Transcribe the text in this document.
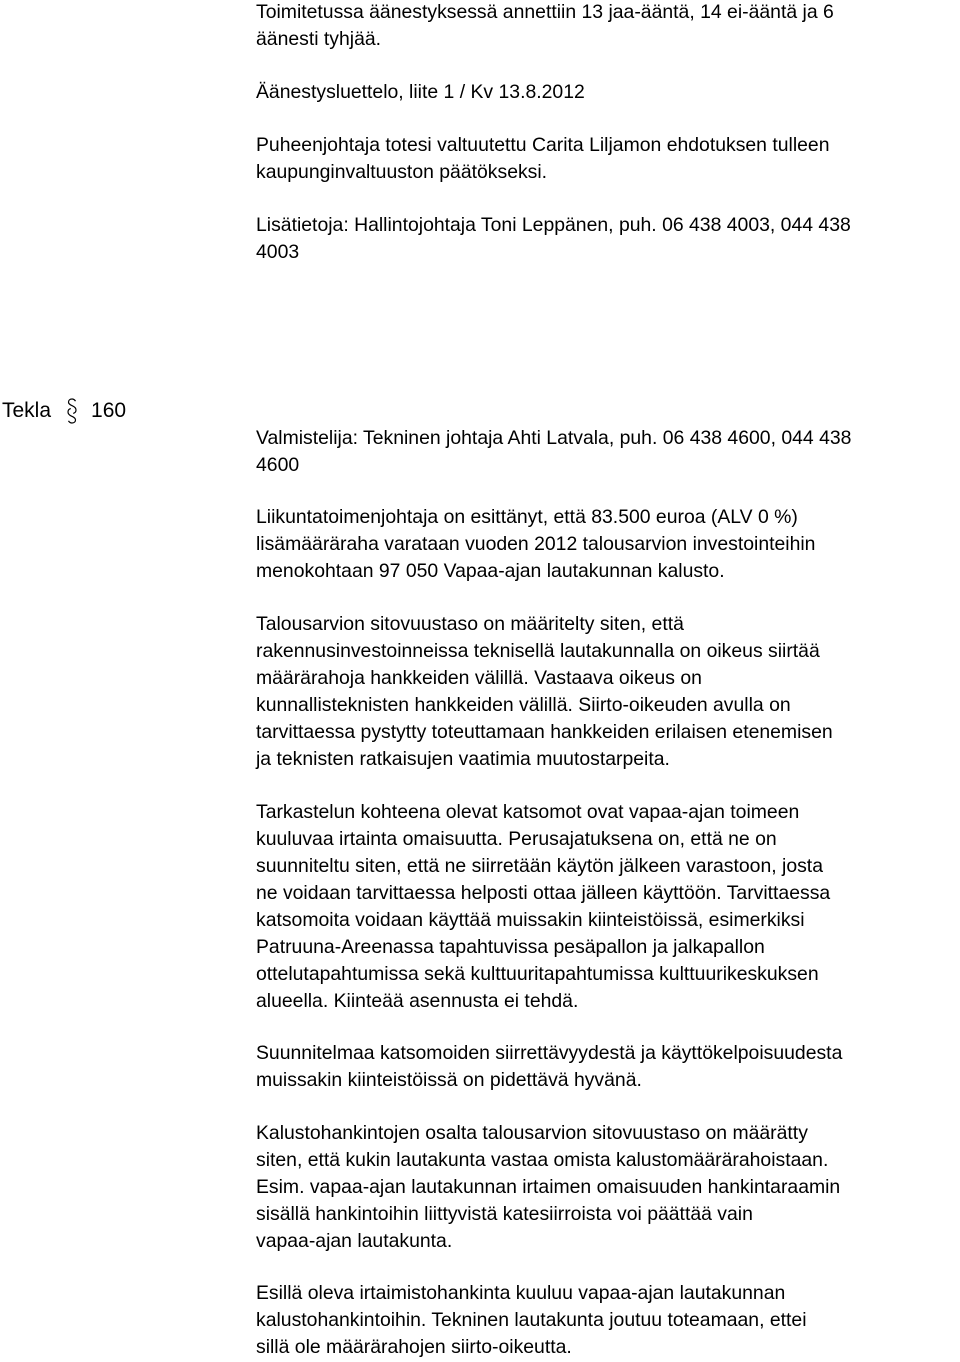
Toimitetussa äänestyksessä annettiin 13 jaa-ääntä, 14 ei-ääntä ja 6
äänesti tyhjää.
Äänestysluettelo, liite 1 / Kv 13.8.2012
Puheenjohtaja totesi valtuutettu Carita Liljamon ehdotuksen tulleen
kaupunginvaltuuston päätökseksi.
Lisätietoja: Hallintojohtaja Toni Leppänen, puh. 06 438 4003, 044 438
4003
Tekla 160
Valmistelija: Tekninen johtaja Ahti Latvala, puh. 06 438 4600, 044 438
4600
Liikuntatoimenjohtaja on esittänyt, että 83.500 euroa (ALV 0 %)
lisämääräraha varataan vuoden 2012 talousarvion investointeihin
menokohtaan 97 050 Vapaa-ajan lautakunnan kalusto.
Talousarvion sitovuustaso on määritelty siten, että
rakennusinvestoinneissa teknisellä lautakunnalla on oikeus siirtää
määrärahoja hankkeiden välillä. Vastaava oikeus on
kunnallisteknisten hankkeiden välillä. Siirto-oikeuden avulla on
tarvittaessa pystytty toteuttamaan hankkeiden erilaisen etenemisen
ja teknisten ratkaisujen vaatimia muutostarpeita.
Tarkastelun kohteena olevat katsomot ovat vapaa-ajan toimeen
kuuluvaa irtainta omaisuutta. Perusajatuksena on, että ne on
suunniteltu siten, että ne siirretään käytön jälkeen varastoon, josta
ne voidaan tarvittaessa helposti ottaa jälleen käyttöön. Tarvittaessa
katsomoita voidaan käyttää muissakin kiinteistöissä, esimerkiksi
Patruuna-Areenassa tapahtuvissa pesäpallon ja jalkapallon
ottelutapahtumissa sekä kulttuuritapahtumissa kulttuurikeskuksen
alueella. Kiinteää asennusta ei tehdä.
Suunnitelmaa katsomoiden siirrettävyydestä ja käyttökelpoisuudesta
muissakin kiinteistöissä on pidettävä hyvänä.
Kalustohankintojen osalta talousarvion sitovuustaso on määrätty
siten, että kukin lautakunta vastaa omista kalustomäärärahoistaan.
Esim. vapaa-ajan lautakunnan irtaimen omaisuuden hankintaraamin
sisällä hankintoihin liittyvistä katesiirroista voi päättää vain
vapaa-ajan lautakunta.
Esillä oleva irtaimistohankinta kuuluu vapaa-ajan lautakunnan
kalustohankintoihin. Tekninen lautakunta joutuu toteamaan, ettei
sillä ole määrärahojen siirto-oikeutta.
